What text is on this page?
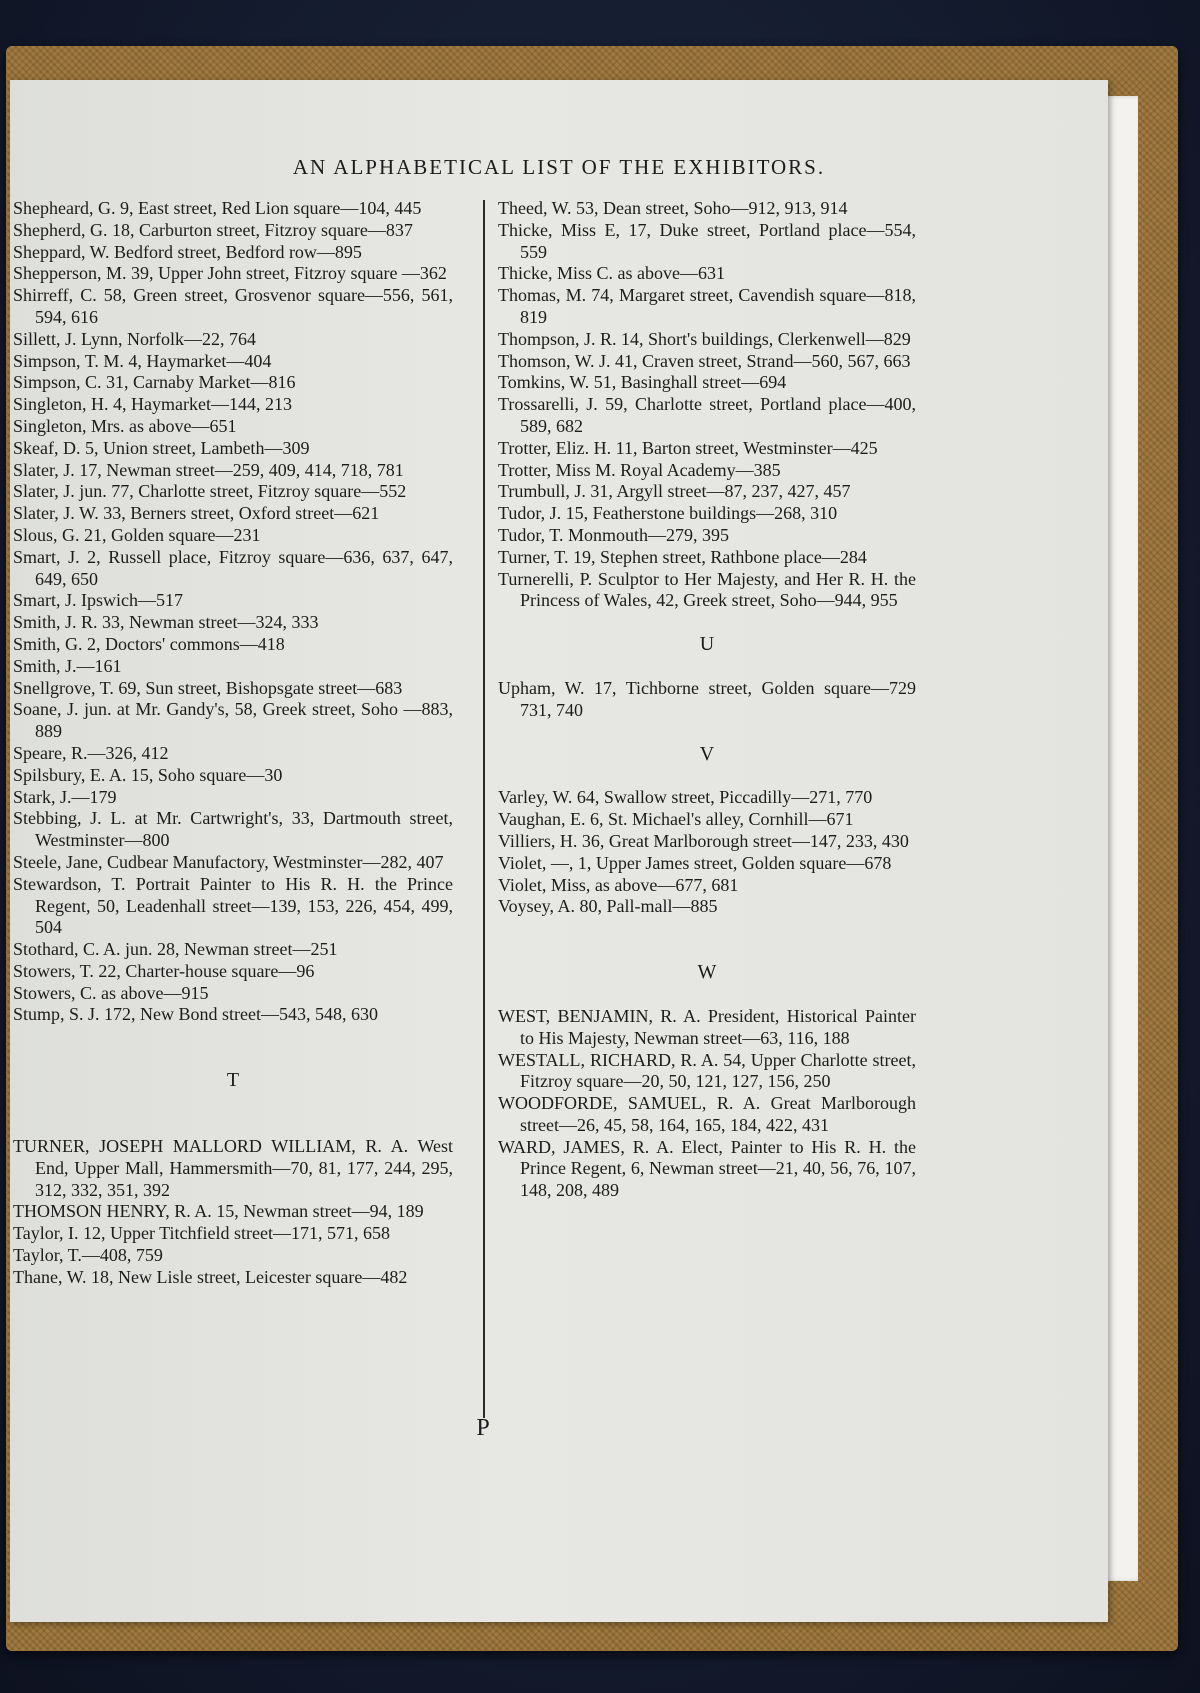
AN ALPHABETICAL LIST OF THE EXHIBITORS.

Shepheard, G. 9, East street, Red Lion square—104, 445

Shepherd, G. 18, Carburton street, Fitzroy square—837

Sheppard, W. Bedford street, Bedford row—895

Shepperson, M. 39, Upper John street, Fitzroy square —362

Shirreff, C. 58, Green street, Grosvenor square—556, 561, 594, 616

Sillett, J. Lynn, Norfolk—22, 764

Simpson, T. M. 4, Haymarket—404

Simpson, C. 31, Carnaby Market—816

Singleton, H. 4, Haymarket—144, 213

Singleton, Mrs. as above—651

Skeaf, D. 5, Union street, Lambeth—309

Slater, J. 17, Newman street—259, 409, 414, 718, 781

Slater, J. jun. 77, Charlotte street, Fitzroy square—552

Slater, J. W. 33, Berners street, Oxford street—621

Slous, G. 21, Golden square—231

Smart, J. 2, Russell place, Fitzroy square—636, 637, 647, 649, 650

Smart, J. Ipswich—517

Smith, J. R. 33, Newman street—324, 333

Smith, G. 2, Doctors' commons—418

Smith, J.—161

Snellgrove, T. 69, Sun street, Bishopsgate street—683

Soane, J. jun. at Mr. Gandy's, 58, Greek street, Soho —883, 889

Speare, R.—326, 412

Spilsbury, E. A. 15, Soho square—30

Stark, J.—179

Stebbing, J. L. at Mr. Cartwright's, 33, Dartmouth street, Westminster—800

Steele, Jane, Cudbear Manufactory, Westminster—282, 407

Stewardson, T. Portrait Painter to His R. H. the Prince Regent, 50, Leadenhall street—139, 153, 226, 454, 499, 504

Stothard, C. A. jun. 28, Newman street—251

Stowers, T. 22, Charter-house square—96

Stowers, C. as above—915

Stump, S. J. 172, New Bond street—543, 548, 630

T

TURNER, JOSEPH MALLORD WILLIAM, R. A. West End, Upper Mall, Hammersmith—70, 81, 177, 244, 295, 312, 332, 351, 392

THOMSON HENRY, R. A. 15, Newman street—94, 189

Taylor, I. 12, Upper Titchfield street—171, 571, 658

Taylor, T.—408, 759

Thane, W. 18, New Lisle street, Leicester square—482

Theed, W. 53, Dean street, Soho—912, 913, 914

Thicke, Miss E, 17, Duke street, Portland place—554, 559

Thicke, Miss C. as above—631

Thomas, M. 74, Margaret street, Cavendish square—818, 819

Thompson, J. R. 14, Short's buildings, Clerkenwell—829

Thomson, W. J. 41, Craven street, Strand—560, 567, 663

Tomkins, W. 51, Basinghall street—694

Trossarelli, J. 59, Charlotte street, Portland place—400, 589, 682

Trotter, Eliz. H. 11, Barton street, Westminster—425

Trotter, Miss M. Royal Academy—385

Trumbull, J. 31, Argyll street—87, 237, 427, 457

Tudor, J. 15, Featherstone buildings—268, 310

Tudor, T. Monmouth—279, 395

Turner, T. 19, Stephen street, Rathbone place—284

Turnerelli, P. Sculptor to Her Majesty, and Her R. H. the Princess of Wales, 42, Greek street, Soho—944, 955

U

Upham, W. 17, Tichborne street, Golden square—729 731, 740

V

Varley, W. 64, Swallow street, Piccadilly—271, 770

Vaughan, E. 6, St. Michael's alley, Cornhill—671

Villiers, H. 36, Great Marlborough street—147, 233, 430

Violet, —, 1, Upper James street, Golden square—678

Violet, Miss, as above—677, 681

Voysey, A. 80, Pall-mall—885

W

WEST, BENJAMIN, R. A. President, Historical Painter to His Majesty, Newman street—63, 116, 188

WESTALL, RICHARD, R. A. 54, Upper Charlotte street, Fitzroy square—20, 50, 121, 127, 156, 250

WOODFORDE, SAMUEL, R. A. Great Marlborough street—26, 45, 58, 164, 165, 184, 422, 431

WARD, JAMES, R. A. Elect, Painter to His R. H. the Prince Regent, 6, Newman street—21, 40, 56, 76, 107, 148, 208, 489

P
